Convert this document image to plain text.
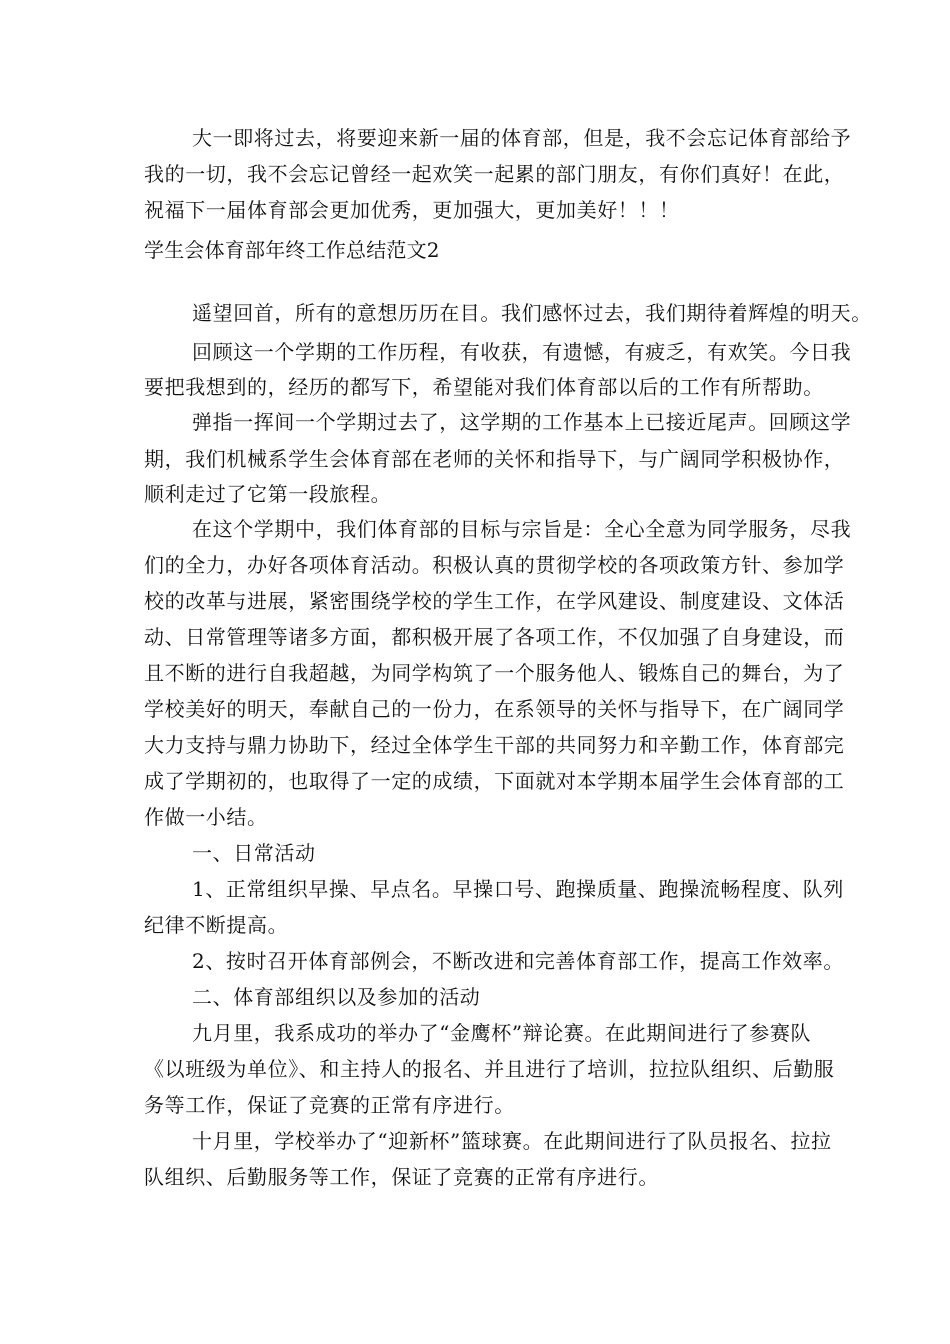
大一即将过去，将要迎来新一届的体育部，但是，我不会忘记体育部给予

我的一切，我不会忘记曾经一起欢笑一起累的部门朋友，有你们真好！在此，

祝福下一届体育部会更加优秀，更加强大，更加美好！！！

学生会体育部年终工作总结范文2

遥望回首，所有的意想历历在目。我们感怀过去，我们期待着辉煌的明天。

回顾这一个学期的工作历程，有收获，有遗憾，有疲乏，有欢笑。今日我

要把我想到的，经历的都写下，希望能对我们体育部以后的工作有所帮助。

弹指一挥间一个学期过去了，这学期的工作基本上已接近尾声。回顾这学

期，我们机械系学生会体育部在老师的关怀和指导下，与广阔同学积极协作，

顺利走过了它第一段旅程。

在这个学期中，我们体育部的目标与宗旨是：全心全意为同学服务，尽我

们的全力，办好各项体育活动。积极认真的贯彻学校的各项政策方针、参加学

校的改革与进展，紧密围绕学校的学生工作，在学风建设、制度建设、文体活

动、日常管理等诸多方面，都积极开展了各项工作，不仅加强了自身建设，而

且不断的进行自我超越，为同学构筑了一个服务他人、锻炼自己的舞台，为了

学校美好的明天，奉献自己的一份力，在系领导的关怀与指导下，在广阔同学

大力支持与鼎力协助下，经过全体学生干部的共同努力和辛勤工作，体育部完

成了学期初的，也取得了一定的成绩，下面就对本学期本届学生会体育部的工

作做一小结。

一、日常活动

1、正常组织早操、早点名。早操口号、跑操质量、跑操流畅程度、队列

纪律不断提高。

2、按时召开体育部例会，不断改进和完善体育部工作，提高工作效率。

二、体育部组织以及参加的活动

九月里，我系成功的举办了“金鹰杯”辩论赛。在此期间进行了参赛队

《以班级为单位》、和主持人的报名、并且进行了培训，拉拉队组织、后勤服

务等工作，保证了竞赛的正常有序进行。

十月里，学校举办了“迎新杯”篮球赛。在此期间进行了队员报名、拉拉

队组织、后勤服务等工作，保证了竞赛的正常有序进行。
